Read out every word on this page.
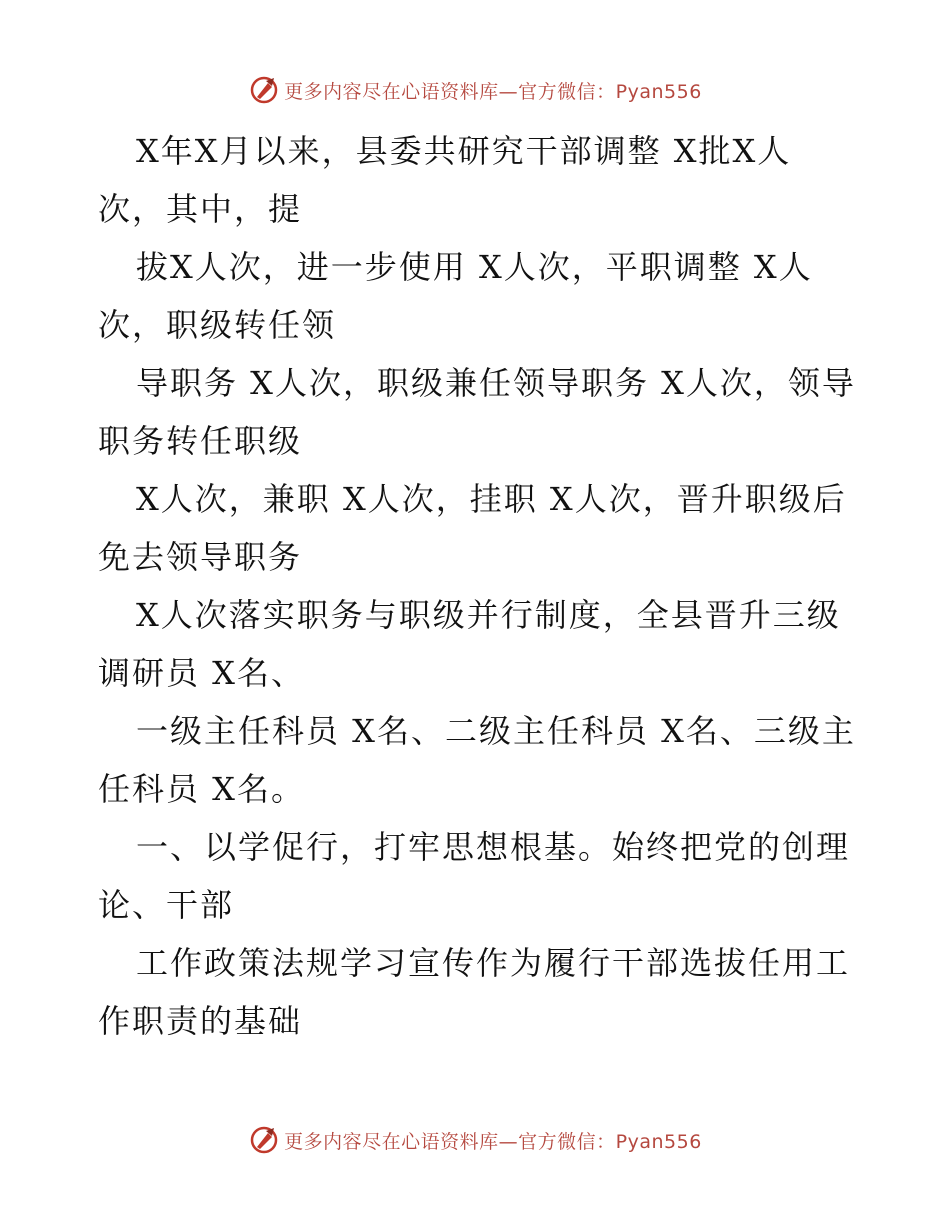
更多内容尽在心语资料库—官方微信：Pyan556

X年X月以来，县委共研究干部调整 X批X人次，其中，提

拔X人次，进一步使用 X人次，平职调整 X人次，职级转任领

导职务 X人次，职级兼任领导职务 X人次，领导职务转任职级

X人次，兼职 X人次，挂职 X人次，晋升职级后免去领导职务

X人次落实职务与职级并行制度，全县晋升三级调研员 X名、

一级主任科员 X名、二级主任科员 X名、三级主任科员 X名。

一、以学促行，打牢思想根基。始终把党的创理论、干部

工作政策法规学习宣传作为履行干部选拔任用工作职责的基础

更多内容尽在心语资料库—官方微信：Pyan556
